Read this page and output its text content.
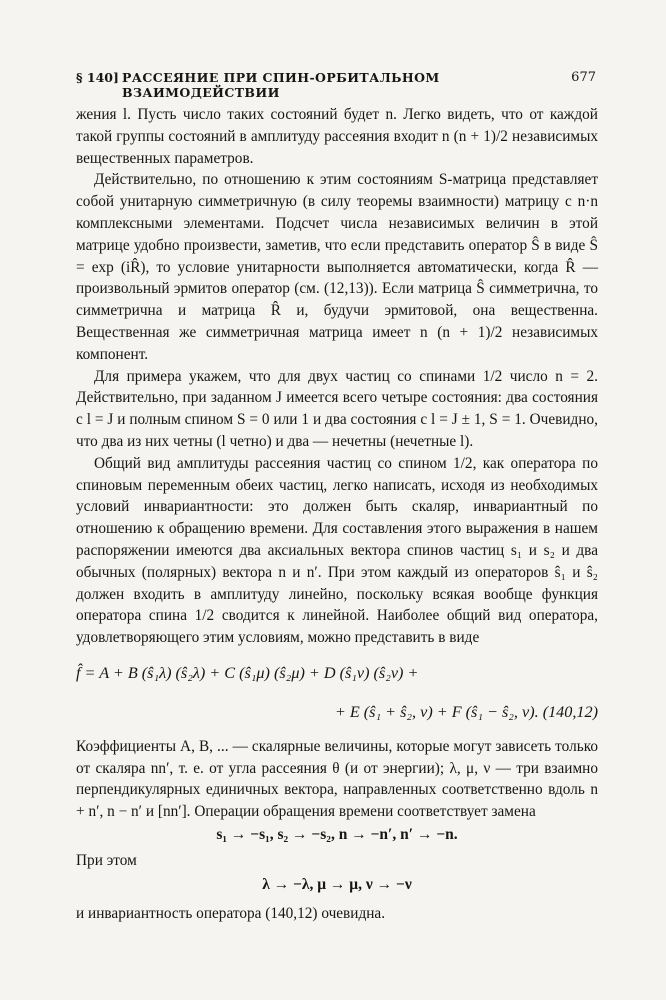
§ 140] РАССЕЯНИЕ ПРИ СПИН-ОРБИТАЛЬНОМ ВЗАИМОДЕЙСТВИИ
677

жения l. Пусть число таких состояний будет n. Легко видеть, что от каждой такой группы состояний в амплитуду рассеяния входит n (n + 1)/2 независимых вещественных параметров.

Действительно, по отношению к этим состояниям S-матрица представляет собой унитарную симметричную (в силу теоремы взаимности) матрицу с n·n комплексными элементами. Подсчет числа независимых величин в этой матрице удобно произвести, заметив, что если представить оператор Ŝ в виде Ŝ = exp (iR̂), то условие унитарности выполняется автоматически, когда R̂ — произвольный эрмитов оператор (см. (12,13)). Если матрица Ŝ симметрична, то симметрична и матрица R̂ и, будучи эрмитовой, она вещественна. Вещественная же симметричная матрица имеет n (n + 1)/2 независимых компонент.

Для примера укажем, что для двух частиц со спинами 1/2 число n = 2. Действительно, при заданном J имеется всего четыре состояния: два состояния с l = J и полным спином S = 0 или 1 и два состояния с l = J ± 1, S = 1. Очевидно, что два из них четны (l четно) и два — нечетны (нечетные l).

Общий вид амплитуды рассеяния частиц со спином 1/2, как оператора по спиновым переменным обеих частиц, легко написать, исходя из необходимых условий инвариантности: это должен быть скаляр, инвариантный по отношению к обращению времени. Для составления этого выражения в нашем распоряжении имеются два аксиальных вектора спинов частиц s₁ и s₂ и два обычных (полярных) вектора n и n′. При этом каждый из операторов ŝ₁ и ŝ₂ должен входить в амплитуду линейно, поскольку всякая вообще функция оператора спина 1/2 сводится к линейной. Наиболее общий вид оператора, удовлетворяющего этим условиям, можно представить в виде

f̂ = A + B (ŝ₁λ) (ŝ₂λ) + C (ŝ₁μ) (ŝ₂μ) + D (ŝ₁ν) (ŝ₂ν) +
+ E (ŝ₁ + ŝ₂, ν) + F (ŝ₁ − ŝ₂, ν). (140,12)
Коэффициенты A, B, ... — скалярные величины, которые могут зависеть только от скаляра nn′, т. е. от угла рассеяния θ (и от энергии); λ, μ, ν — три взаимно перпендикулярных единичных вектора, направленных соответственно вдоль n + n′, n − n′ и [nn′]. Операции обращения времени соответствует замена
s₁ → −s₁, s₂ → −s₂, n → −n′, n′ → −n.
При этом
λ → −λ, μ → μ, ν → −ν
и инвариантность оператора (140,12) очевидна.
